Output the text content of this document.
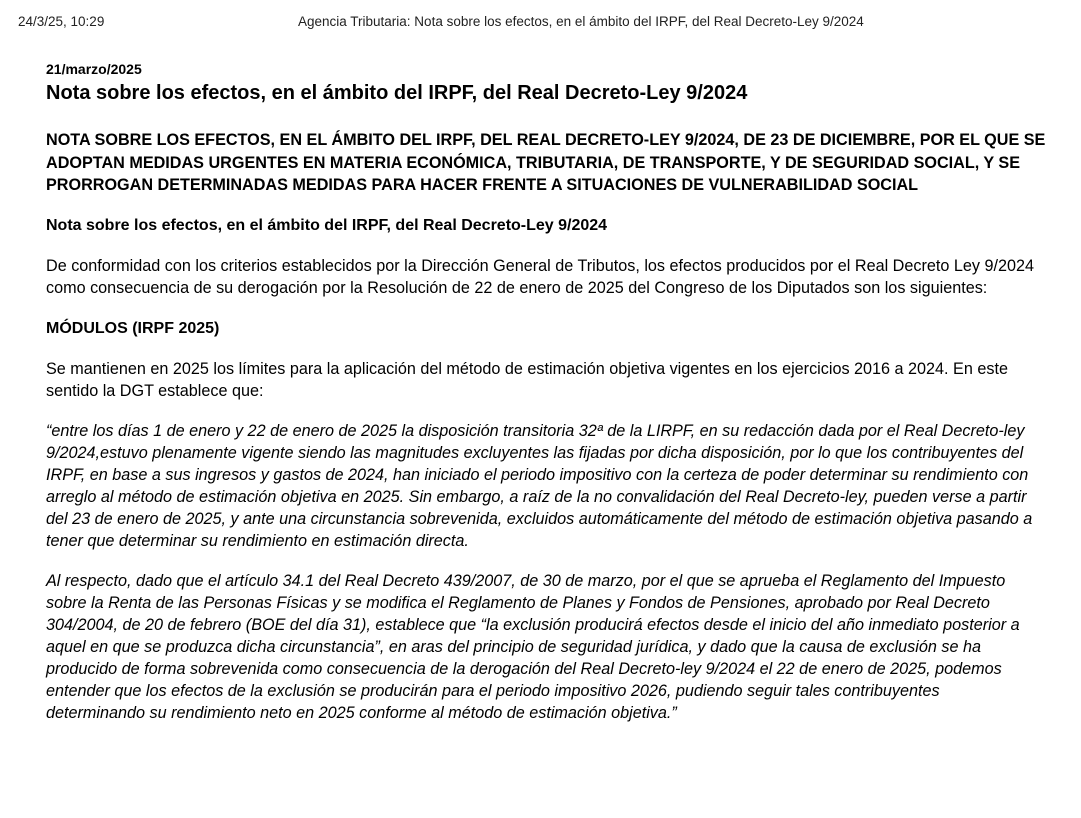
24/3/25, 10:29	Agencia Tributaria: Nota sobre los efectos, en el ámbito del IRPF, del Real Decreto-Ley 9/2024

21/marzo/2025

Nota sobre los efectos, en el ámbito del IRPF, del Real Decreto-Ley 9/2024

NOTA SOBRE LOS EFECTOS, EN EL ÁMBITO DEL IRPF, DEL REAL DECRETO-LEY 9/2024, DE 23 DE DICIEMBRE, POR EL QUE SE ADOPTAN MEDIDAS URGENTES EN MATERIA ECONÓMICA, TRIBUTARIA, DE TRANSPORTE, Y DE SEGURIDAD SOCIAL, Y SE PRORROGAN DETERMINADAS MEDIDAS PARA HACER FRENTE A SITUACIONES DE VULNERABILIDAD SOCIAL

Nota sobre los efectos, en el ámbito del IRPF, del Real Decreto-Ley 9/2024

De conformidad con los criterios establecidos por la Dirección General de Tributos, los efectos producidos por el Real Decreto Ley 9/2024 como consecuencia de su derogación por la Resolución de 22 de enero de 2025 del Congreso de los Diputados son los siguientes:

MÓDULOS (IRPF 2025)

Se mantienen en 2025 los límites para la aplicación del método de estimación objetiva vigentes en los ejercicios 2016 a 2024. En este sentido la DGT establece que:

“entre los días 1 de enero y 22 de enero de 2025 la disposición transitoria 32ª de la LIRPF, en su redacción dada por el Real Decreto-ley 9/2024,estuvo plenamente vigente siendo las magnitudes excluyentes las fijadas por dicha disposición, por lo que los contribuyentes del IRPF, en base a sus ingresos y gastos de 2024, han iniciado el periodo impositivo con la certeza de poder determinar su rendimiento con arreglo al método de estimación objetiva en 2025. Sin embargo, a raíz de la no convalidación del Real Decreto-ley, pueden verse a partir del 23 de enero de 2025, y ante una circunstancia sobrevenida, excluidos automáticamente del método de estimación objetiva pasando a tener que determinar su rendimiento en estimación directa.

Al respecto, dado que el artículo 34.1 del Real Decreto 439/2007, de 30 de marzo, por el que se aprueba el Reglamento del Impuesto sobre la Renta de las Personas Físicas y se modifica el Reglamento de Planes y Fondos de Pensiones, aprobado por Real Decreto 304/2004, de 20 de febrero (BOE del día 31), establece que “la exclusión producirá efectos desde el inicio del año inmediato posterior a aquel en que se produzca dicha circunstancia”, en aras del principio de seguridad jurídica, y dado que la causa de exclusión se ha producido de forma sobrevenida como consecuencia de la derogación del Real Decreto-ley 9/2024 el 22 de enero de 2025, podemos entender que los efectos de la exclusión se producirán para el periodo impositivo 2026, pudiendo seguir tales contribuyentes determinando su rendimiento neto en 2025 conforme al método de estimación objetiva.”
